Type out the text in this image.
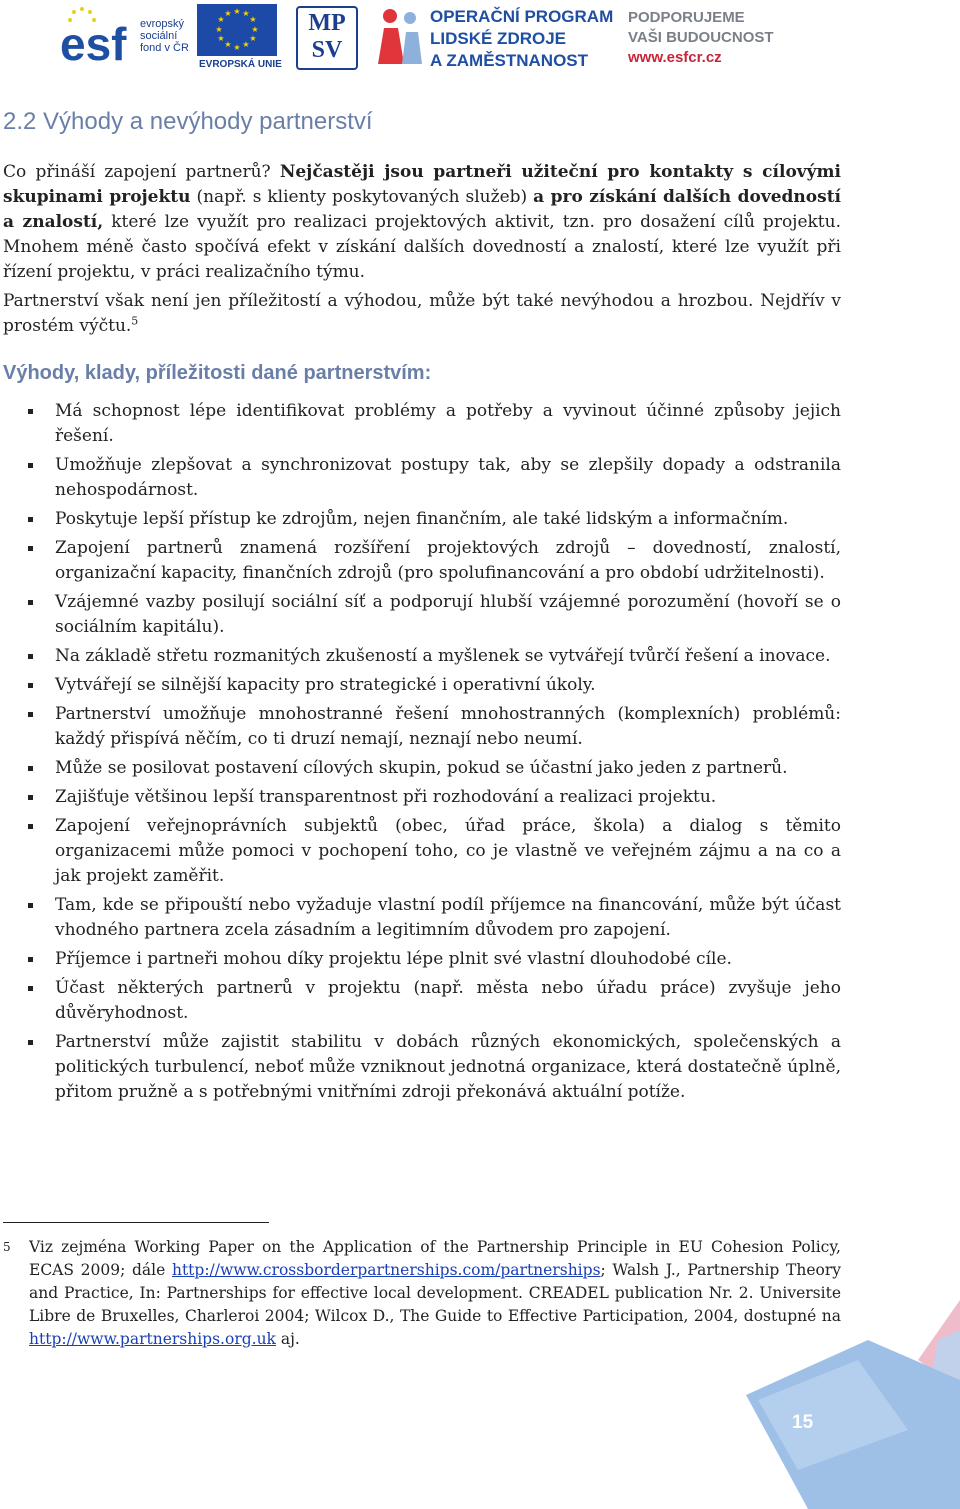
esf evropský
sociální
fond v ČR
★ ★
★
★
★
★
★
★
★
★
★
★
EVROPSKÁ UNIE
MP
SV
OPERAČNÍ PROGRAM
LIDSKÉ ZDROJE
A ZAMĚSTNANOST
PODPORUJEME
VAŠI BUDOUCNOST
www.esfcr.cz
2.2 Výhody a nevýhody partnerství

Co přináší zapojení partnerů? Nejčastěji jsou partneři užiteční pro kontakty s cílovými skupinami projektu (např. s klienty poskytovaných služeb) a pro získání dalších dovedností a znalostí, které lze využít pro realizaci projektových aktivit, tzn. pro dosažení cílů projektu. Mnohem méně často spočívá efekt v získání dalších dovedností a znalostí, které lze využít při řízení projektu, v práci realizačního týmu.

Partnerství však není jen příležitostí a výhodou, může být také nevýhodou a hrozbou. Nejdřív v prostém výčtu.$^5$

Výhody, klady, příležitosti dané partnerstvím:
Má schopnost lépe identifikovat problémy a potřeby a vyvinout účinné způsoby jejich řešení.
Umožňuje zlepšovat a synchronizovat postupy tak, aby se zlepšily dopady a odstranila nehospodárnost.
Poskytuje lepší přístup ke zdrojům, nejen finančním, ale také lidským a informačním.
Zapojení partnerů znamená rozšíření projektových zdrojů – dovedností, znalostí, organizační kapacity, finančních zdrojů (pro spolufinancování a pro období udržitelnosti).
Vzájemné vazby posilují sociální síť a podporují hlubší vzájemné porozumění (hovoří se o sociálním kapitálu).
Na základě střetu rozmanitých zkušeností a myšlenek se vytvářejí tvůrčí řešení a inovace.
Vytvářejí se silnější kapacity pro strategické i operativní úkoly.
Partnerství umožňuje mnohostranné řešení mnohostranných (komplexních) problémů: každý přispívá něčím, co ti druzí nemají, neznají nebo neumí.
Může se posilovat postavení cílových skupin, pokud se účastní jako jeden z partnerů.
Zajišťuje většinou lepší transparentnost při rozhodování a realizaci projektu.
Zapojení veřejnoprávních subjektů (obec, úřad práce, škola) a dialog s těmito organizacemi může pomoci v pochopení toho, co je vlastně ve veřejném zájmu a na co a jak projekt zaměřit.
Tam, kde se připouští nebo vyžaduje vlastní podíl příjemce na financování, může být účast vhodného partnera zcela zásadním a legitimním důvodem pro zapojení.
Příjemce i partneři mohou díky projektu lépe plnit své vlastní dlouhodobé cíle.
Účast některých partnerů v projektu (např. města nebo úřadu práce) zvyšuje jeho důvěryhodnost.
Partnerství může zajistit stabilitu v dobách různých ekonomických, společenských a politických turbulencí, neboť může vzniknout jednotná organizace, která dostatečně úplně, přitom pružně a s potřebnými vnitřními zdroji překonává aktuální potíže.
5 Viz zejména Working Paper on the Application of the Partnership Principle in EU Cohesion Policy, ECAS 2009; dále http://www.crossborderpartnerships.com/partnerships; Walsh J., Partnership Theory and Practice, In: Partnerships for effective local development. CREADEL publication Nr. 2. Universite Libre de Bruxelles, Charleroi 2004; Wilcox D., The Guide to Effective Participation, 2004, dostupné na http://www.partnerships.org.uk aj.
15
